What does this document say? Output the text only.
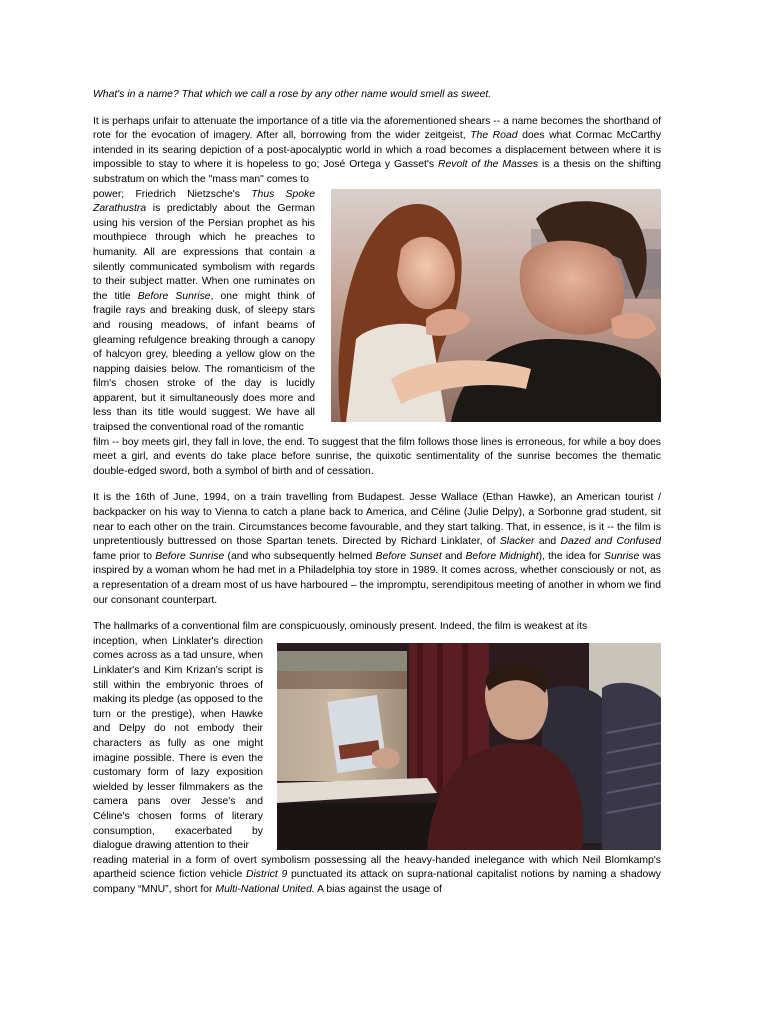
What's in a name? That which we call a rose by any other name would smell as sweet.

It is perhaps unfair to attenuate the importance of a title via the aforementioned shears -- a name becomes the shorthand of rote for the evocation of imagery. After all, borrowing from the wider zeitgeist, The Road does what Cormac McCarthy intended in its searing depiction of a post-apocalyptic world in which a road becomes a displacement between where it is impossible to stay to where it is hopeless to go; José Ortega y Gasset's Revolt of the Masses is a thesis on the shifting substratum on which the "mass man" comes to

power; Friedrich Nietzsche's Thus Spoke Zarathustra is predictably about the German using his version of the Persian prophet as his mouthpiece through which he preaches to humanity. All are expressions that contain a silently communicated symbolism with regards to their subject matter. When one ruminates on the title Before Sunrise, one might think of fragile rays and breaking dusk, of sleepy stars and rousing meadows, of infant beams of gleaming refulgence breaking through a canopy of halcyon grey, bleeding a yellow glow on the napping daisies below. The romanticism of the film's chosen stroke of the day is lucidly apparent, but it simultaneously does more and less than its title would suggest. We have all traipsed the conventional road of the romantic

film -- boy meets girl, they fall in love, the end. To suggest that the film follows those lines is erroneous, for while a boy does meet a girl, and events do take place before sunrise, the quixotic sentimentality of the sunrise becomes the thematic double-edged sword, both a symbol of birth and of cessation.

It is the 16th of June, 1994, on a train travelling from Budapest. Jesse Wallace (Ethan Hawke), an American tourist / backpacker on his way to Vienna to catch a plane back to America, and Céline (Julie Delpy), a Sorbonne grad student, sit near to each other on the train. Circumstances become favourable, and they start talking. That, in essence, is it -- the film is unpretentiously buttressed on those Spartan tenets. Directed by Richard Linklater, of Slacker and Dazed and Confused fame prior to Before Sunrise (and who subsequently helmed Before Sunset and Before Midnight), the idea for Sunrise was inspired by a woman whom he had met in a Philadelphia toy store in 1989. It comes across, whether consciously or not, as a representation of a dream most of us have harboured – the impromptu, serendipitous meeting of another in whom we find our consonant counterpart.

The hallmarks of a conventional film are conspicuously, ominously present. Indeed, the film is weakest at its

inception, when Linklater's direction comes across as a tad unsure, when Linklater's and Kim Krizan's script is still within the embryonic throes of making its pledge (as opposed to the turn or the prestige), when Hawke and Delpy do not embody their characters as fully as one might imagine possible. There is even the customary form of lazy exposition wielded by lesser filmmakers as the camera pans over Jesse's and Céline's chosen forms of literary consumption, exacerbated by dialogue drawing attention to their

reading material in a form of overt symbolism possessing all the heavy-handed inelegance with which Neil Blomkamp's apartheid science fiction vehicle District 9 punctuated its attack on supra-national capitalist notions by naming a shadowy company “MNU”, short for Multi-National United. A bias against the usage of
